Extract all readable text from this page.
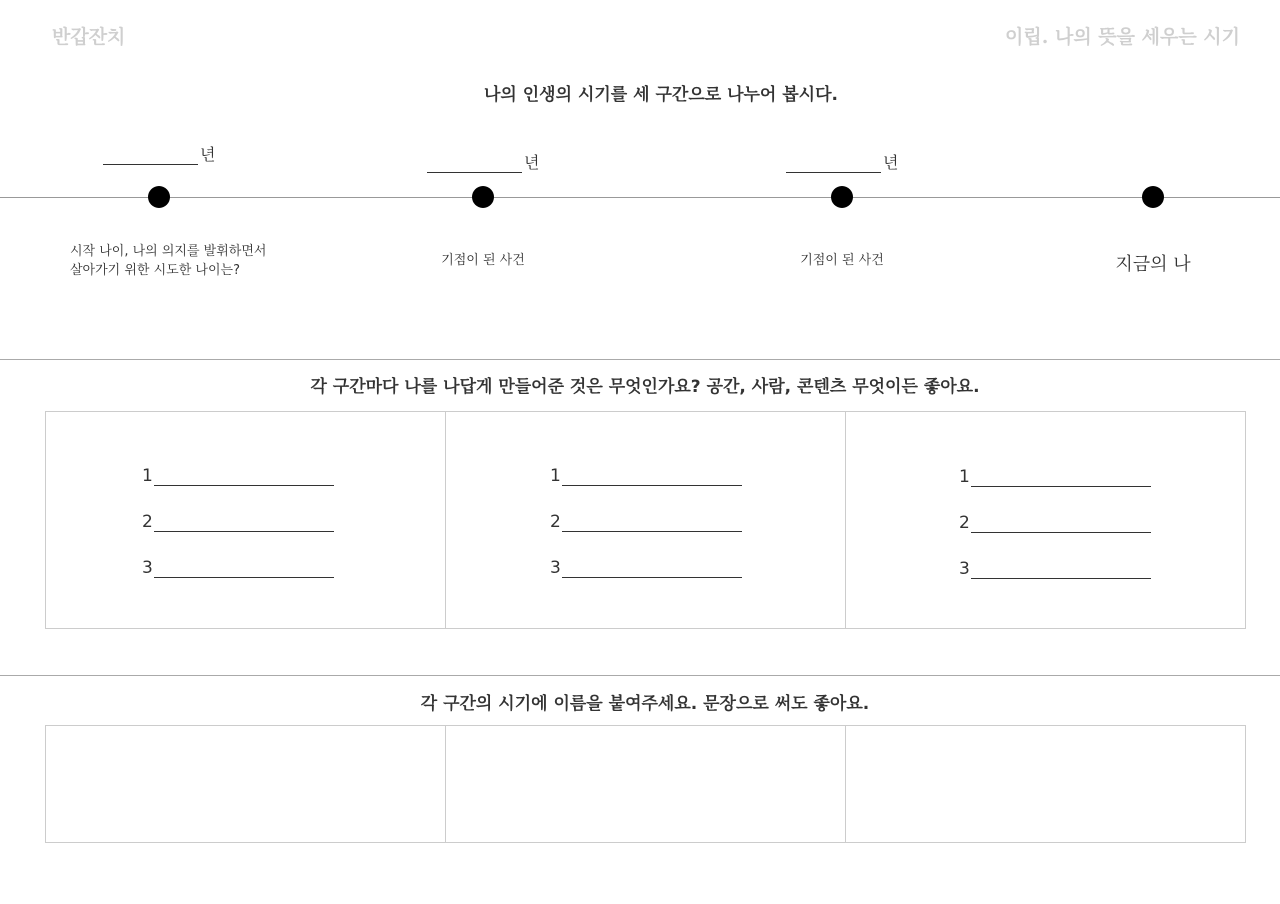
반갑잔치	이립. 나의 뜻을 세우는 시기
나의 인생의 시기를 세 구간으로 나누어 봅시다.
년	년	년
시작 나이, 나의 의지를 발휘하면서
살아가기 위한 시도한 나이는?
기점이 된 사건	기점이 된 사건	지금의 나
각 구간마다 나를 나답게 만들어준 것은 무엇인가요? 공간, 사람, 콘텐츠 무엇이든 좋아요.
1
2
3
1
2
3
1
2
3
각 구간의 시기에 이름을 붙여주세요. 문장으로 써도 좋아요.
